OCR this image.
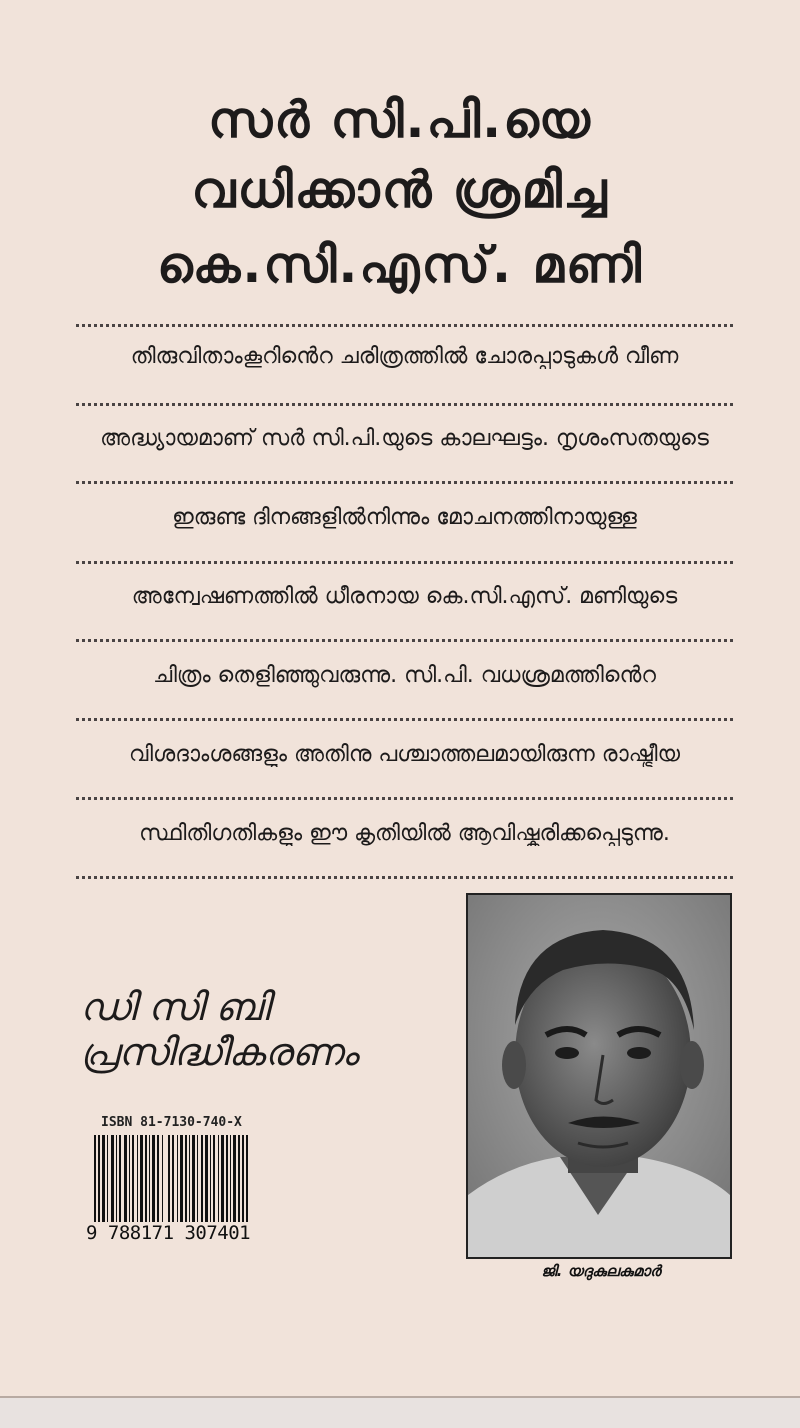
സർ സി.പി.യെ
വധിക്കാൻ ശ്രമിച്ച
കെ.സി.എസ്. മണി
തിരുവിതാംകൂറിൻെറ ചരിത്രത്തിൽ ചോരപ്പാടുകൾ വീണ
അദ്ധ്യായമാണ് സർ സി.പി.യുടെ കാലഘട്ടം. നൃശംസതയുടെ
ഇരുണ്ട ദിനങ്ങളിൽനിന്നും മോചനത്തിനായുള്ള
അന്വേഷണത്തിൽ ധീരനായ കെ.സി.എസ്. മണിയുടെ
ചിത്രം തെളിഞ്ഞുവരുന്നു. സി.പി. വധശ്രമത്തിൻെറ
വിശദാംശങ്ങളും അതിനു പശ്ചാത്തലമായിരുന്ന രാഷ്ട്രീയ
സ്ഥിതിഗതികളും ഈ കൃതിയിൽ ആവിഷ്കരിക്കപ്പെടുന്നു.
ഡി സി ബി
പ്രസിദ്ധീകരണം
ISBN 81-7130-740-X
9 788171 307401
ജി. യദുകുലകുമാർ
